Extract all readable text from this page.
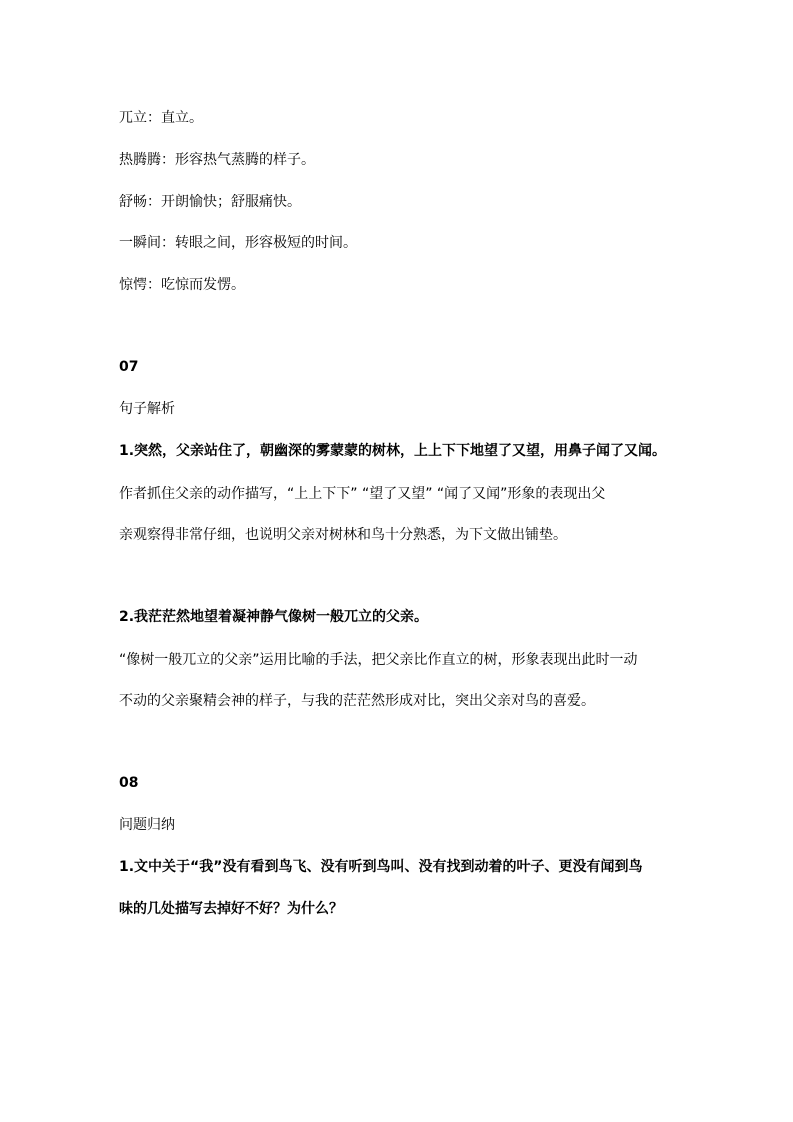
兀立：直立。
热腾腾：形容热气蒸腾的样子。
舒畅：开朗愉快；舒服痛快。
一瞬间：转眼之间，形容极短的时间。
惊愕：吃惊而发愣。
07
句子解析
1.突然，父亲站住了，朝幽深的雾蒙蒙的树林，上上下下地望了又望，用鼻子闻了又闻。
作者抓住父亲的动作描写，“上上下下” “望了又望” “闻了又闻”形象的表现出父
亲观察得非常仔细，也说明父亲对树林和鸟十分熟悉，为下文做出铺垫。
2.我茫茫然地望着凝神静气像树一般兀立的父亲。
“像树一般兀立的父亲”运用比喻的手法，把父亲比作直立的树，形象表现出此时一动
不动的父亲聚精会神的样子，与我的茫茫然形成对比，突出父亲对鸟的喜爱。
08
问题归纳
1.文中关于“我”没有看到鸟飞、没有听到鸟叫、没有找到动着的叶子、更没有闻到鸟
味的几处描写去掉好不好？为什么？
